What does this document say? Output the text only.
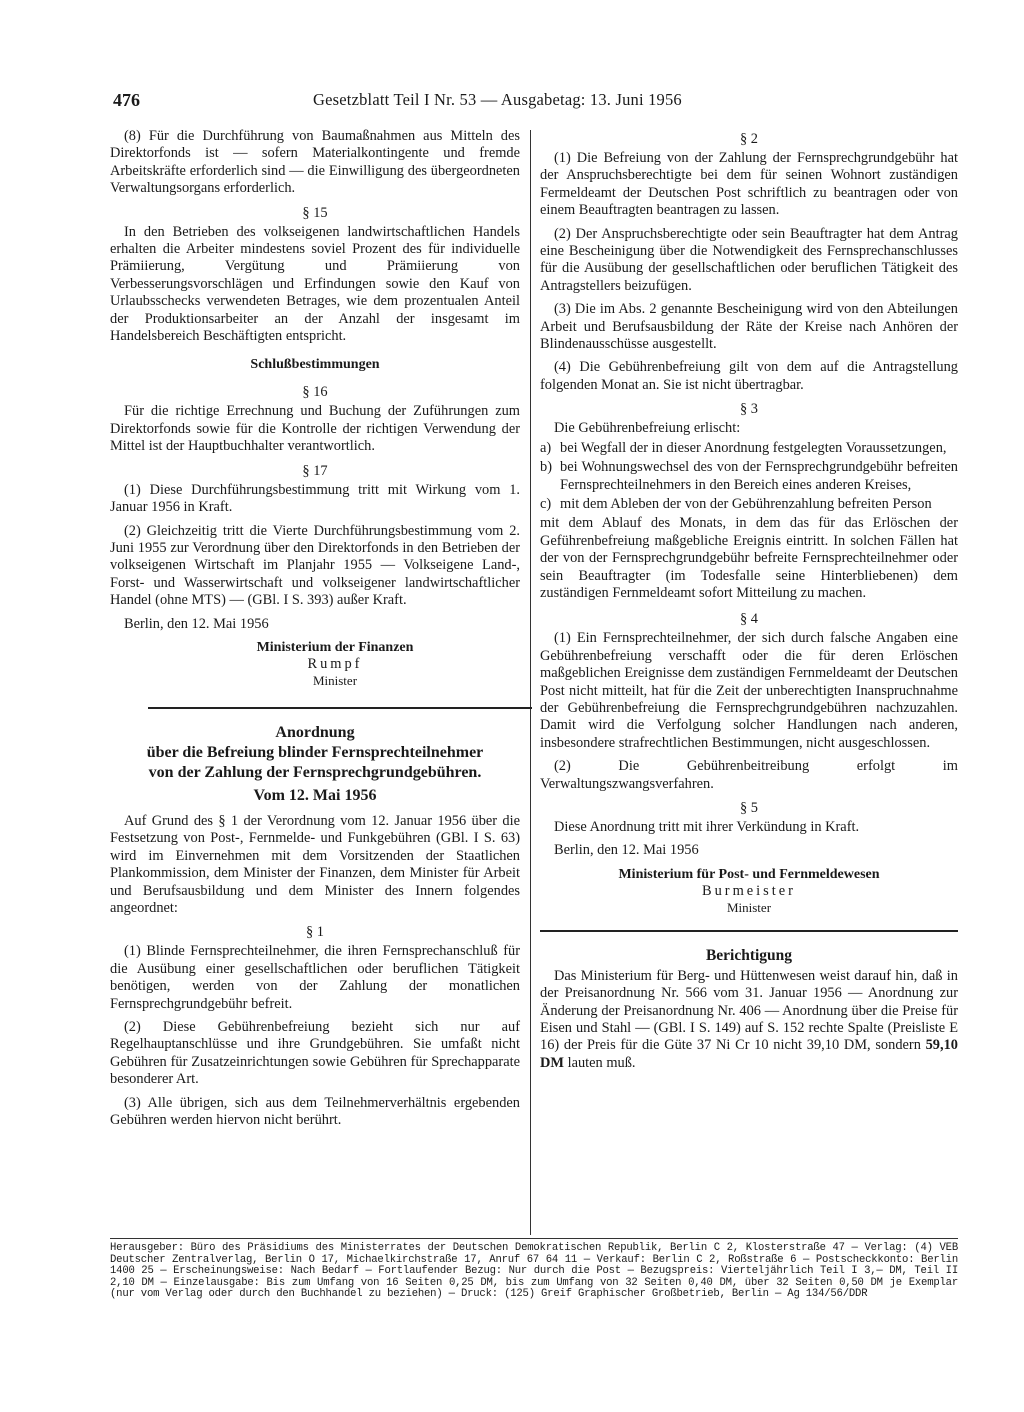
476	Gesetzblatt Teil I Nr. 53 — Ausgabetag: 13. Juni 1956

(8) Für die Durchführung von Baumaßnahmen aus Mitteln des Direktorfonds ist — sofern Materialkontingente und fremde Arbeitskräfte erforderlich sind — die Einwilligung des übergeordneten Verwaltungsorgans erforderlich.

§ 15

In den Betrieben des volkseigenen landwirtschaftlichen Handels erhalten die Arbeiter mindestens soviel Prozent des für individuelle Prämiierung, Vergütung und Prämiierung von Verbesserungsvorschlägen und Erfindungen sowie den Kauf von Urlaubsschecks verwendeten Betrages, wie dem prozentualen Anteil der Produktionsarbeiter an der Anzahl der insgesamt im Handelsbereich Beschäftigten entspricht.

Schlußbestimmungen
§ 16

Für die richtige Errechnung und Buchung der Zuführungen zum Direktorfonds sowie für die Kontrolle der richtigen Verwendung der Mittel ist der Hauptbuchhalter verantwortlich.

§ 17

(1) Diese Durchführungsbestimmung tritt mit Wirkung vom 1. Januar 1956 in Kraft.

(2) Gleichzeitig tritt die Vierte Durchführungsbestimmung vom 2. Juni 1955 zur Verordnung über den Direktorfonds in den Betrieben der volkseigenen Wirtschaft im Planjahr 1955 — Volkseigene Land-, Forst- und Wasserwirtschaft und volkseigener landwirtschaftlicher Handel (ohne MTS) — (GBl. I S. 393) außer Kraft.

Berlin, den 12. Mai 1956

Ministerium der Finanzen
Rumpf
Minister
Anordnung
über die Befreiung blinder Fernsprechteilnehmer
von der Zahlung der Fernsprechgrundgebühren.
Vom 12. Mai 1956

Auf Grund des § 1 der Verordnung vom 12. Januar 1956 über die Festsetzung von Post-, Fernmelde- und Funkgebühren (GBl. I S. 63) wird im Einvernehmen mit dem Vorsitzenden der Staatlichen Plankommission, dem Minister der Finanzen, dem Minister für Arbeit und Berufsausbildung und dem Minister des Innern folgendes angeordnet:

§ 1

(1) Blinde Fernsprechteilnehmer, die ihren Fernsprechanschluß für die Ausübung einer gesellschaftlichen oder beruflichen Tätigkeit benötigen, werden von der Zahlung der monatlichen Fernsprechgrundgebühr befreit.

(2) Diese Gebührenbefreiung bezieht sich nur auf Regelhauptanschlüsse und ihre Grundgebühren. Sie umfaßt nicht Gebühren für Zusatzeinrichtungen sowie Gebühren für Sprechapparate besonderer Art.

(3) Alle übrigen, sich aus dem Teilnehmerverhältnis ergebenden Gebühren werden hiervon nicht berührt.

§ 2

(1) Die Befreiung von der Zahlung der Fernsprechgrundgebühr hat der Anspruchsberechtigte bei dem für seinen Wohnort zuständigen Fermeldeamt der Deutschen Post schriftlich zu beantragen oder von einem Beauftragten beantragen zu lassen.

(2) Der Anspruchsberechtigte oder sein Beauftragter hat dem Antrag eine Bescheinigung über die Notwendigkeit des Fernsprechanschlusses für die Ausübung der gesellschaftlichen oder beruflichen Tätigkeit des Antragstellers beizufügen.

(3) Die im Abs. 2 genannte Bescheinigung wird von den Abteilungen Arbeit und Berufsausbildung der Räte der Kreise nach Anhören der Blindenausschüsse ausgestellt.

(4) Die Gebührenbefreiung gilt von dem auf die Antragstellung folgenden Monat an. Sie ist nicht übertragbar.

§ 3

Die Gebührenbefreiung erlischt:

a) bei Wegfall der in dieser Anordnung festgelegten Voraussetzungen,
b) bei Wohnungswechsel des von der Fernsprechgrundgebühr befreiten Fernsprechteilnehmers in den Bereich eines anderen Kreises,
c) mit dem Ableben der von der Gebührenzahlung befreiten Person

mit dem Ablauf des Monats, in dem das für das Erlöschen der Geführenbefreiung maßgebliche Ereignis eintritt. In solchen Fällen hat der von der Fernsprechgrundgebühr befreite Fernsprechteilnehmer oder sein Beauftragter (im Todesfalle seine Hinterbliebenen) dem zuständigen Fernmeldeamt sofort Mitteilung zu machen.

§ 4

(1) Ein Fernsprechteilnehmer, der sich durch falsche Angaben eine Gebührenbefreiung verschafft oder die für deren Erlöschen maßgeblichen Ereignisse dem zuständigen Fernmeldeamt der Deutschen Post nicht mitteilt, hat für die Zeit der unberechtigten Inanspruchnahme der Gebührenbefreiung die Fernsprechgrundgebühren nachzuzahlen. Damit wird die Verfolgung solcher Handlungen nach anderen, insbesondere strafrechtlichen Bestimmungen, nicht ausgeschlossen.

(2) Die Gebührenbeitreibung erfolgt im Verwaltungszwangsverfahren.

§ 5

Diese Anordnung tritt mit ihrer Verkündung in Kraft.

Berlin, den 12. Mai 1956

Ministerium für Post- und Fernmeldewesen
Burmeister
Minister
Berichtigung

Das Ministerium für Berg- und Hüttenwesen weist darauf hin, daß in der Preisanordnung Nr. 566 vom 31. Januar 1956 — Anordnung zur Änderung der Preisanordnung Nr. 406 — Anordnung über die Preise für Eisen und Stahl — (GBl. I S. 149) auf S. 152 rechte Spalte (Preisliste E 16) der Preis für die Güte 37 Ni Cr 10 nicht 39,10 DM, sondern 59,10 DM lauten muß.

Herausgeber: Büro des Präsidiums des Ministerrates der Deutschen Demokratischen Republik, Berlin C 2, Klosterstraße 47 — Verlag: (4) VEB Deutscher Zentralverlag, Berlin O 17, Michaelkirchstraße 17, Anruf 67 64 11 — Verkauf: Berlin C 2, Roßstraße 6 — Postscheckkonto: Berlin 1400 25 — Erscheinungsweise: Nach Bedarf — Fortlaufender Bezug: Nur durch die Post — Bezugspreis: Vierteljährlich Teil I 3,— DM, Teil II 2,10 DM — Einzelausgabe: Bis zum Umfang von 16 Seiten 0,25 DM, bis zum Umfang von 32 Seiten 0,40 DM, über 32 Seiten 0,50 DM je Exemplar (nur vom Verlag oder durch den Buchhandel zu beziehen) — Druck: (125) Greif Graphischer Großbetrieb, Berlin — Ag 134/56/DDR
